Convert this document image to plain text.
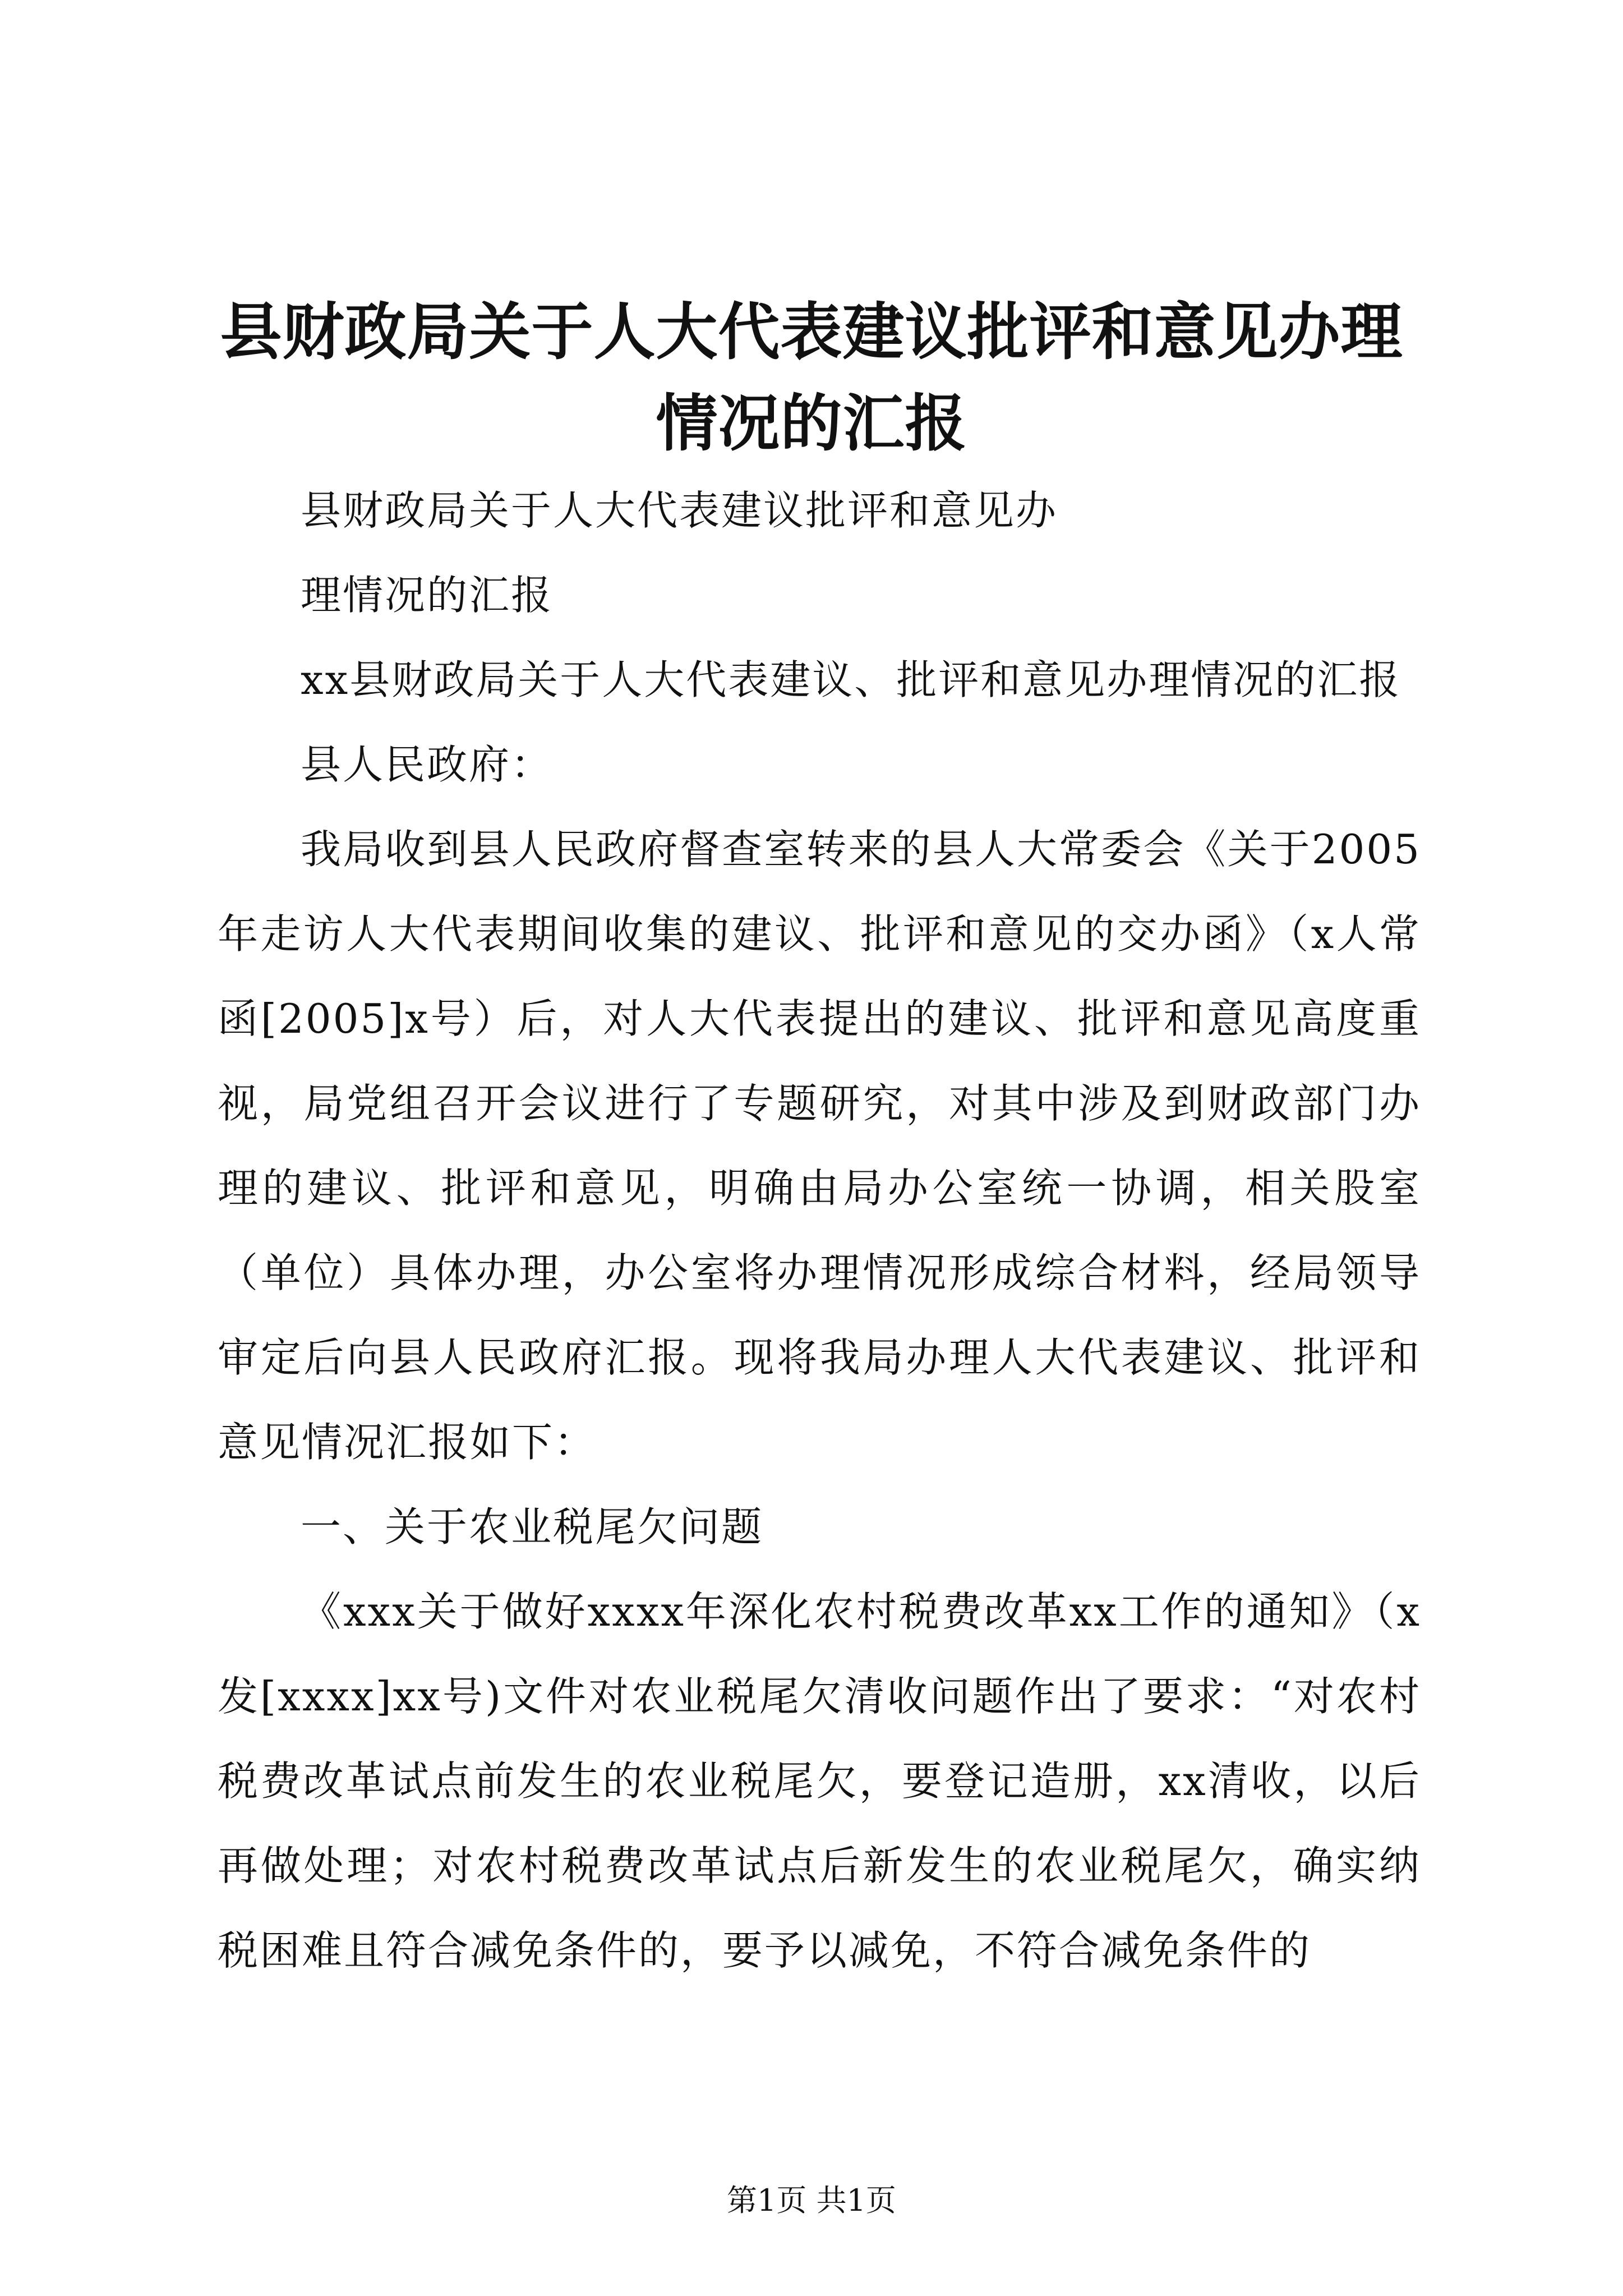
县财政局关于人大代表建议批评和意见办理情况的汇报

县财政局关于人大代表建议批评和意见办

理情况的汇报

xx县财政局关于人大代表建议、批评和意见办理情况的汇报

县人民政府：

我局收到县人民政府督查室转来的县人大常委会《关于2005年走访人大代表期间收集的建议、批评和意见的交办函》（x人常函[2005]x号）后，对人大代表提出的建议、批评和意见高度重视，局党组召开会议进行了专题研究，对其中涉及到财政部门办理的建议、批评和意见，明确由局办公室统一协调，相关股室（单位）具体办理，办公室将办理情况形成综合材料，经局领导审定后向县人民政府汇报。现将我局办理人大代表建议、批评和意见情况汇报如下：

一、关于农业税尾欠问题

《xxx关于做好xxxx年深化农村税费改革xx工作的通知》（x发[xxxx]xx号)文件对农业税尾欠清收问题作出了要求：“对农村税费改革试点前发生的农业税尾欠，要登记造册，xx清收，以后再做处理；对农村税费改革试点后新发生的农业税尾欠，确实纳税困难且符合减免条件的，要予以减免，不符合减免条件的

第1页 共1页
